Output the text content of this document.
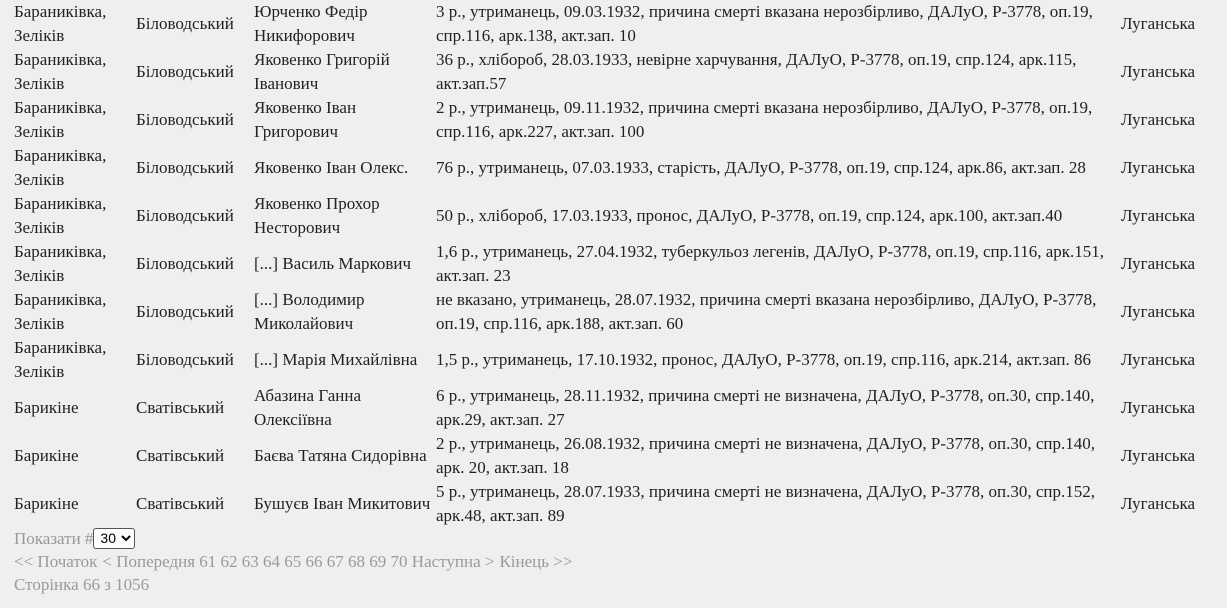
Бараниківка, Зеліків	Біловодський	Юрченко Федір Никифорович	3 р., утриманець, 09.03.1932, причина смерті вказана нерозбірливо, ДАЛуО, Р-3778, оп.19, спр.116, арк.138, акт.зап. 10	Луганська
Бараниківка, Зеліків	Біловодський	Яковенко Григорій Іванович	36 р., хлібороб, 28.03.1933, невірне харчування, ДАЛуО, Р-3778, оп.19, спр.124, арк.115, акт.зап.57	Луганська
Бараниківка, Зеліків	Біловодський	Яковенко Іван Григорович	2 р., утриманець, 09.11.1932, причина смерті вказана нерозбірливо, ДАЛуО, Р-3778, оп.19, спр.116, арк.227, акт.зап. 100	Луганська
Бараниківка, Зеліків	Біловодський	Яковенко Іван Олекс.	76 р., утриманець, 07.03.1933, старість, ДАЛуО, Р-3778, оп.19, спр.124, арк.86, акт.зап. 28	Луганська
Бараниківка, Зеліків	Біловодський	Яковенко Прохор Несторович	50 р., хлібороб, 17.03.1933, пронос, ДАЛуО, Р-3778, оп.19, спр.124, арк.100, акт.зап.40	Луганська
Бараниківка, Зеліків	Біловодський	[...] Василь Маркович	1,6 р., утриманець, 27.04.1932, туберкульоз легенів, ДАЛуО, Р-3778, оп.19, спр.116, арк.151, акт.зап. 23	Луганська
Бараниківка, Зеліків	Біловодський	[...] Володимир Миколайович	не вказано, утриманець, 28.07.1932, причина смерті вказана нерозбірливо, ДАЛуО, Р-3778, оп.19, спр.116, арк.188, акт.зап. 60	Луганська
Бараниківка, Зеліків	Біловодський	[...] Марія Михайлівна	1,5 р., утриманець, 17.10.1932, пронос, ДАЛуО, Р-3778, оп.19, спр.116, арк.214, акт.зап. 86	Луганська
Барикіне	Сватівський	Абазина Ганна Олексіївна	6 р., утриманець, 28.11.1932, причина смерті не визначена, ДАЛуО, Р-3778, оп.30, спр.140, арк.29, акт.зап. 27	Луганська
Барикіне	Сватівський	Баєва Татяна Сидорівна	2 р., утриманець, 26.08.1932, причина смерті не визначена, ДАЛуО, Р-3778, оп.30, спр.140, арк. 20, акт.зап. 18	Луганська
Барикіне	Сватівський	Бушуєв Іван Микитович	5 р., утриманець, 28.07.1933, причина смерті не визначена, ДАЛуО, Р-3778, оп.30, спр.152, арк.48, акт.зап. 89	Луганська
Показати #
30
<< Початок < Попередня 61 62 63 64 65 66 67 68 69 70 Наступна > Кінець >>
Сторінка 66 з 1056
